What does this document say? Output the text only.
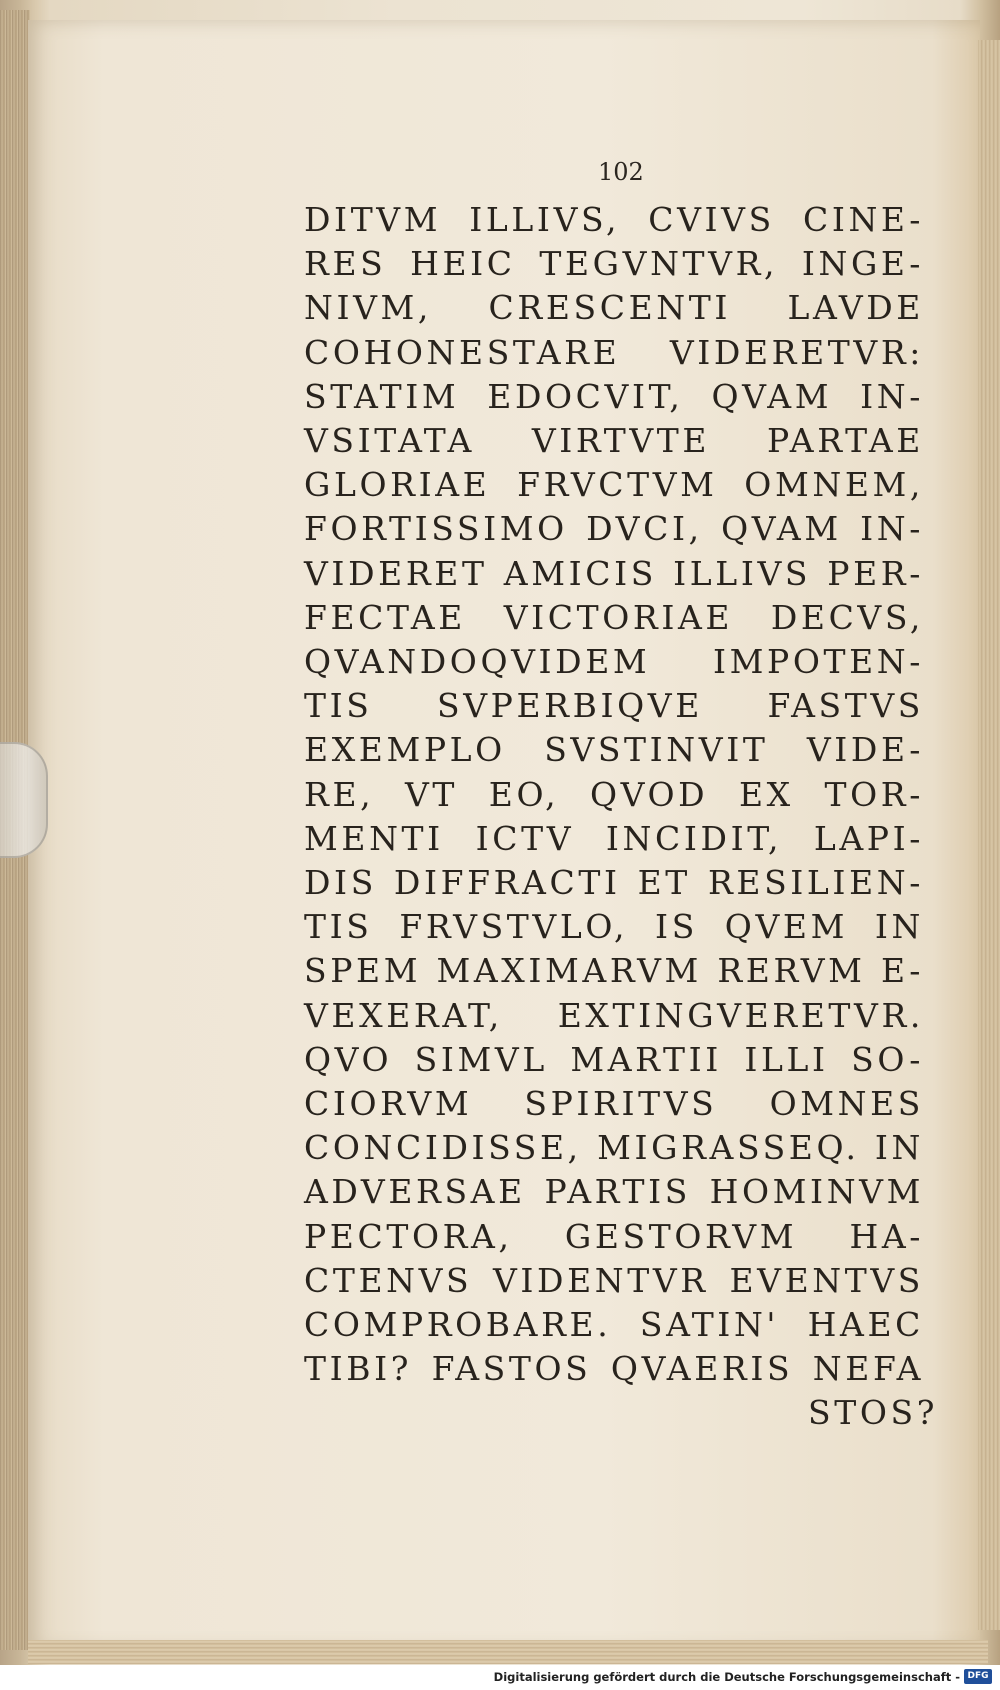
102
DITVM ILLIVS, CVIVS CINE-
RES HEIC TEGVNTVR, INGE-
NIVM, CRESCENTI LAVDE
COHONESTARE VIDERETVR:
STATIM EDOCVIT, QVAM IN-
VSITATA VIRTVTE PARTAE
GLORIAE FRVCTVM OMNEM,
FORTISSIMO DVCI, QVAM IN-
VIDERET AMICIS ILLIVS PER-
FECTAE VICTORIAE DECVS,
QVANDOQVIDEM IMPOTEN-
TIS SVPERBIQVE FASTVS
EXEMPLO SVSTINVIT VIDE-
RE, VT EO, QVOD EX TOR-
MENTI ICTV INCIDIT, LAPI-
DIS DIFFRACTI ET RESILIEN-
TIS FRVSTVLO, IS QVEM IN
SPEM MAXIMARVM RERVM E-
VEXERAT, EXTINGVERETVR.
QVO SIMVL MARTII ILLI SO-
CIORVM SPIRITVS OMNES
CONCIDISSE, MIGRASSEQ. IN
ADVERSAE PARTIS HOMINVM
PECTORA, GESTORVM HA-
CTENVS VIDENTVR EVENTVS
COMPROBARE. SATIN' HAEC
TIBI? FASTOS QVAERIS NEFA
STOS?
Digitalisierung gefördert durch die Deutsche Forschungsgemeinschaft - DFG
